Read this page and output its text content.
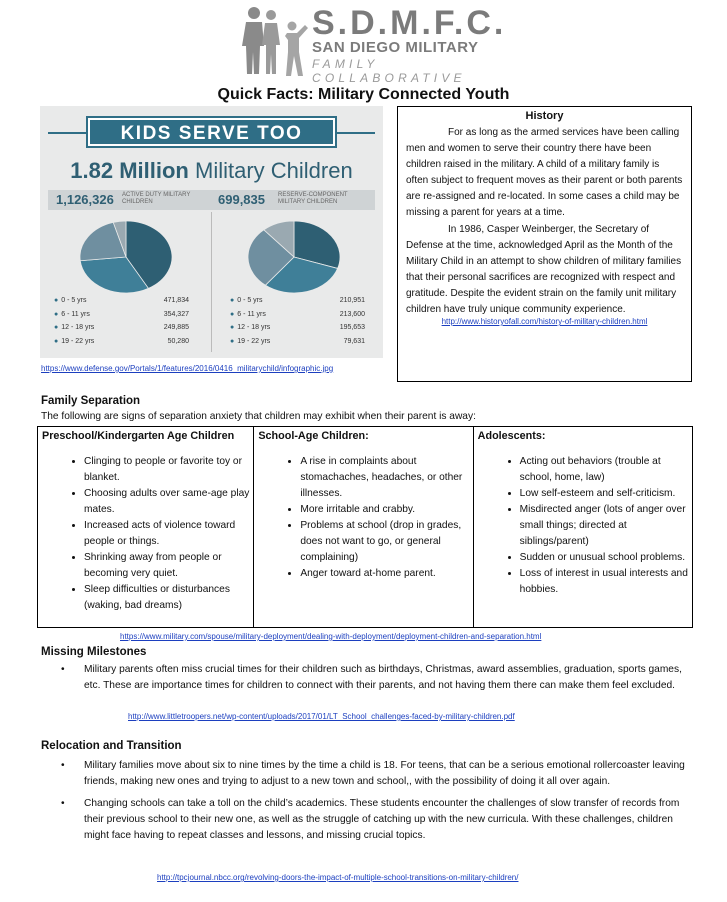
S.D.M.F.C.
SAN DIEGO MILITARY
FAMILY COLLABORATIVE
Quick Facts: Military Connected Youth
KIDS SERVE TOO
1.82 Million Military Children
1,126,326 ACTIVE DUTY MILITARY CHILDREN	699,835 RESERVE-COMPONENT MILITARY CHILDREN
● 0 - 5 yrs	471,834
● 6 - 11 yrs	354,327
● 12 - 18 yrs	249,885
● 19 - 22 yrs	50,280
● 0 - 5 yrs	210,951
● 6 - 11 yrs	213,600
● 12 - 18 yrs	195,653
● 19 - 22 yrs	79,631
https://www.defense.gov/Portals/1/features/2016/0416_militarychild/infographic.jpg
History

For as long as the armed services have been calling men and women to serve their country there have been children raised in the military. A child of a military family is often subject to frequent moves as their parent or both parents are re-assigned and re-located. In some cases a child may be missing a parent for years at a time.

In 1986, Casper Weinberger, the Secretary of Defense at the time, acknowledged April as the Month of the Military Child in an attempt to show children of military families that their personal sacrifices are recognized with respect and gratitude. Despite the evident strain on the family unit military children have truly unique community experience.

http://www.historyofall.com/history-of-military-children.html
Family Separation
The following are signs of separation anxiety that children may exhibit when their parent is away:
Preschool/Kindergarten Age Children
• Clinging to people or favorite toy or blanket.
• Choosing adults over same-age play mates.
• Increased acts of violence toward people or things.
• Shrinking away from people or becoming very quiet.
• Sleep difficulties or disturbances (waking, bad dreams)
School-Age Children:
• A rise in complaints about stomachaches, headaches, or other illnesses.
• More irritable and crabby.
• Problems at school (drop in grades, does not want to go, or general complaining)
• Anger toward at-home parent.
Adolescents:
• Acting out behaviors (trouble at school, home, law)
• Low self-esteem and self-criticism.
• Misdirected anger (lots of anger over small things; directed at siblings/parent)
• Sudden or unusual school problems.
• Loss of interest in usual interests and hobbies.
https://www.military.com/spouse/military-deployment/dealing-with-deployment/deployment-children-and-separation.html
Missing Milestones
• Military parents often miss crucial times for their children such as birthdays, Christmas, award assemblies, graduation, sports games, etc. These are importance times for children to connect with their parents, and not having them there can make them feel excluded.
http://www.littletroopers.net/wp-content/uploads/2017/01/LT_School_challenges-faced-by-military-children.pdf
Relocation and Transition
• Military families move about six to nine times by the time a child is 18. For teens, that can be a serious emotional rollercoaster leaving friends, making new ones and trying to adjust to a new town and school,, with the possibility of doing it all over again.
• Changing schools can take a toll on the child’s academics. These students encounter the challenges of slow transfer of records from their previous school to their new one, as well as the struggle of catching up with the new curricula. With these challenges, children might face having to repeat classes and lessons, and missing crucial topics.
http://tpcjournal.nbcc.org/revolving-doors-the-impact-of-multiple-school-transitions-on-military-children/
